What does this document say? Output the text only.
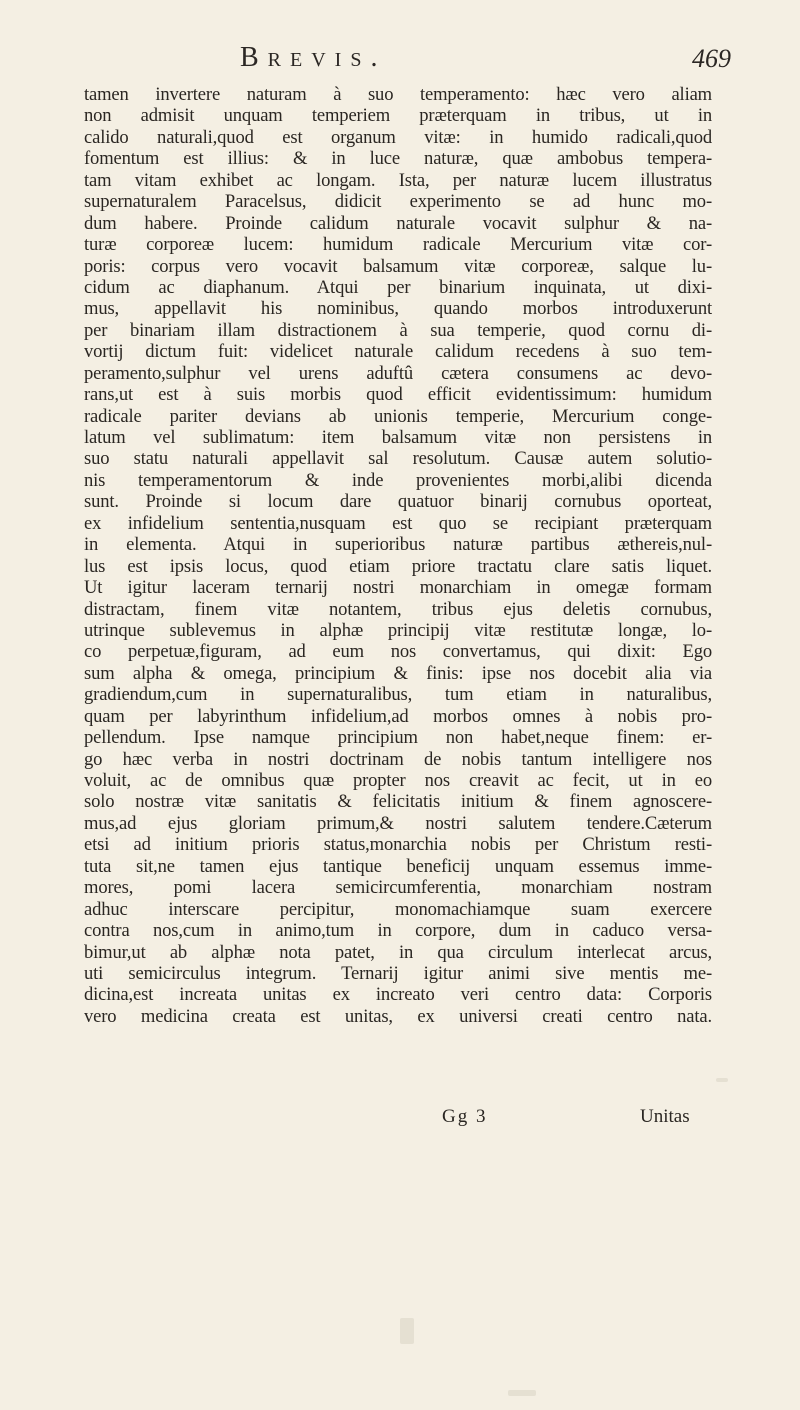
Brevis.	469
tamen invertere naturam à suo temperamento: hæc vero aliam
non admisit unquam temperiem præterquam in tribus, ut in
calido naturali,quod est organum vitæ: in humido radicali,quod
fomentum est illius: & in luce naturæ, quæ ambobus tempera-
tam vitam exhibet ac longam. Ista, per naturæ lucem illustratus
supernaturalem Paracelsus, didicit experimento se ad hunc mo-
dum habere. Proinde calidum naturale vocavit sulphur & na-
turæ corporeæ lucem: humidum radicale Mercurium vitæ cor-
poris: corpus vero vocavit balsamum vitæ corporeæ, salque lu-
cidum ac diaphanum. Atqui per binarium inquinata, ut dixi-
mus, appellavit his nominibus, quando morbos introduxerunt
per binariam illam distractionem à sua temperie, quod cornu di-
vortij dictum fuit: videlicet naturale calidum recedens à suo tem-
peramento,sulphur vel urens aduftû cætera consumens ac devo-
rans,ut est à suis morbis quod efficit evidentissimum: humidum
radicale pariter devians ab unionis temperie, Mercurium conge-
latum vel sublimatum: item balsamum vitæ non persistens in
suo statu naturali appellavit sal resolutum. Causæ autem solutio-
nis temperamentorum & inde provenientes morbi,alibi dicenda
sunt. Proinde si locum dare quatuor binarij cornubus oporteat,
ex infidelium sententia,nusquam est quo se recipiant præterquam
in elementa. Atqui in superioribus naturæ partibus æthereis,nul-
lus est ipsis locus, quod etiam priore tractatu clare satis liquet.
Ut igitur laceram ternarij nostri monarchiam in omegæ formam
distractam, finem vitæ notantem, tribus ejus deletis cornubus,
utrinque sublevemus in alphæ principij vitæ restitutæ longæ, lo-
co perpetuæ,figuram, ad eum nos convertamus, qui dixit: Ego
sum alpha & omega, principium & finis: ipse nos docebit alia via
gradiendum,cum in supernaturalibus, tum etiam in naturalibus,
quam per labyrinthum infidelium,ad morbos omnes à nobis pro-
pellendum. Ipse namque principium non habet,neque finem: er-
go hæc verba in nostri doctrinam de nobis tantum intelligere nos
voluit, ac de omnibus quæ propter nos creavit ac fecit, ut in eo
solo nostræ vitæ sanitatis & felicitatis initium & finem agnoscere-
mus,ad ejus gloriam primum,& nostri salutem tendere.Cæterum
etsi ad initium prioris status,monarchia nobis per Christum resti-
tuta sit,ne tamen ejus tantique beneficij unquam essemus imme-
mores, pomi lacera semicircumferentia, monarchiam nostram
adhuc interscare percipitur, monomachiamque suam exercere
contra nos,cum in animo,tum in corpore, dum in caduco versa-
bimur,ut ab alphæ nota patet, in qua circulum interlecat arcus,
uti semicirculus integrum. Ternarij igitur animi sive mentis me-
dicina,est increata unitas ex increato veri centro data: Corporis
vero medicina creata est unitas, ex universi creati centro nata.
Gg 3	Unitas
